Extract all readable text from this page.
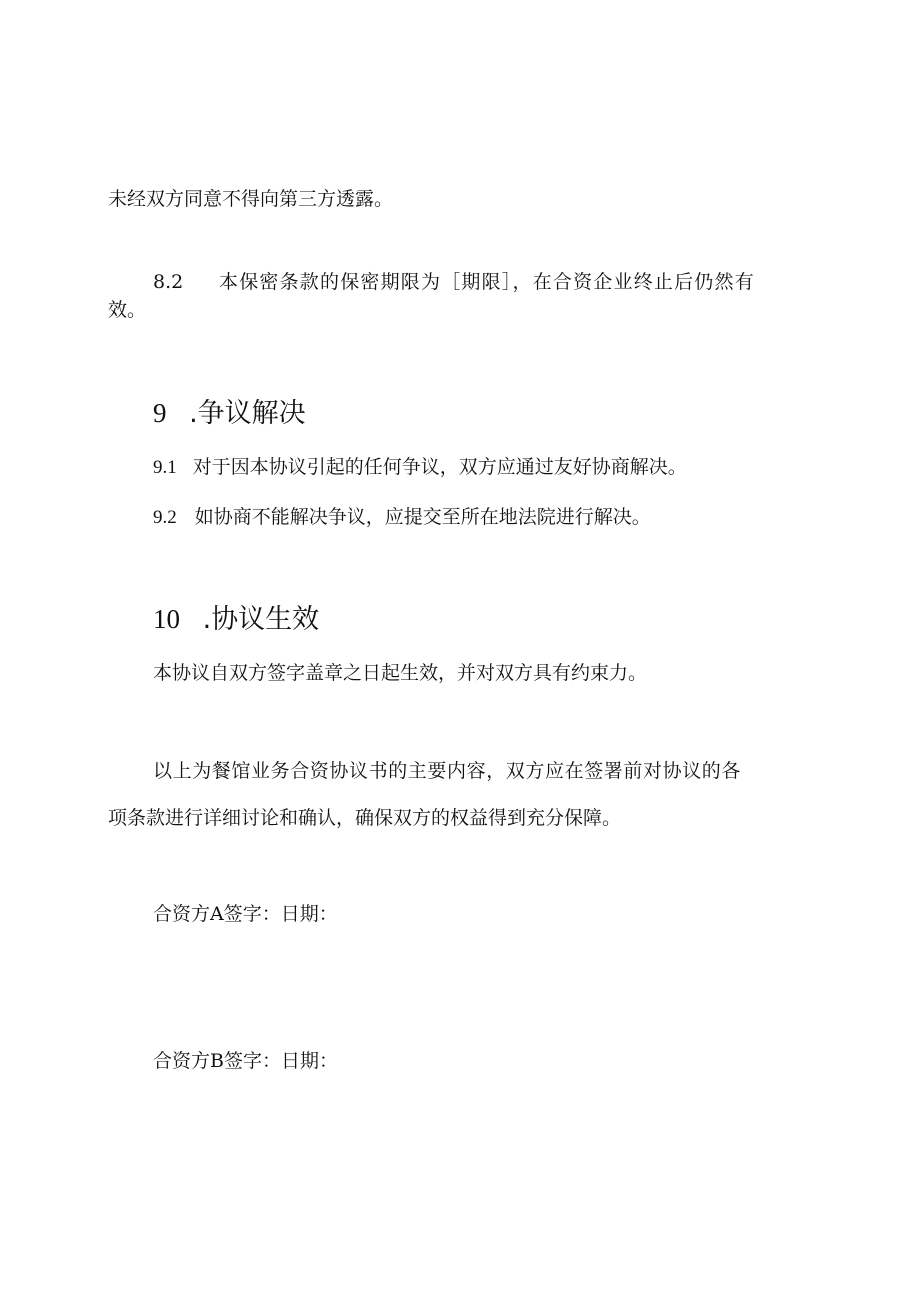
未经双方同意不得向第三方透露。
8.2 本保密条款的保密期限为［期限］，在合资企业终止后仍然有
效。
9 .争议解决
9.1 对于因本协议引起的任何争议，双方应通过友好协商解决。
9.2 如协商不能解决争议，应提交至所在地法院进行解决。
10 .协议生效
本协议自双方签字盖章之日起生效，并对双方具有约束力。
以上为餐馆业务合资协议书的主要内容，双方应在签署前对协议的各
项条款进行详细讨论和确认，确保双方的权益得到充分保障。
合资方A签字：日期：
合资方B签字：日期：
